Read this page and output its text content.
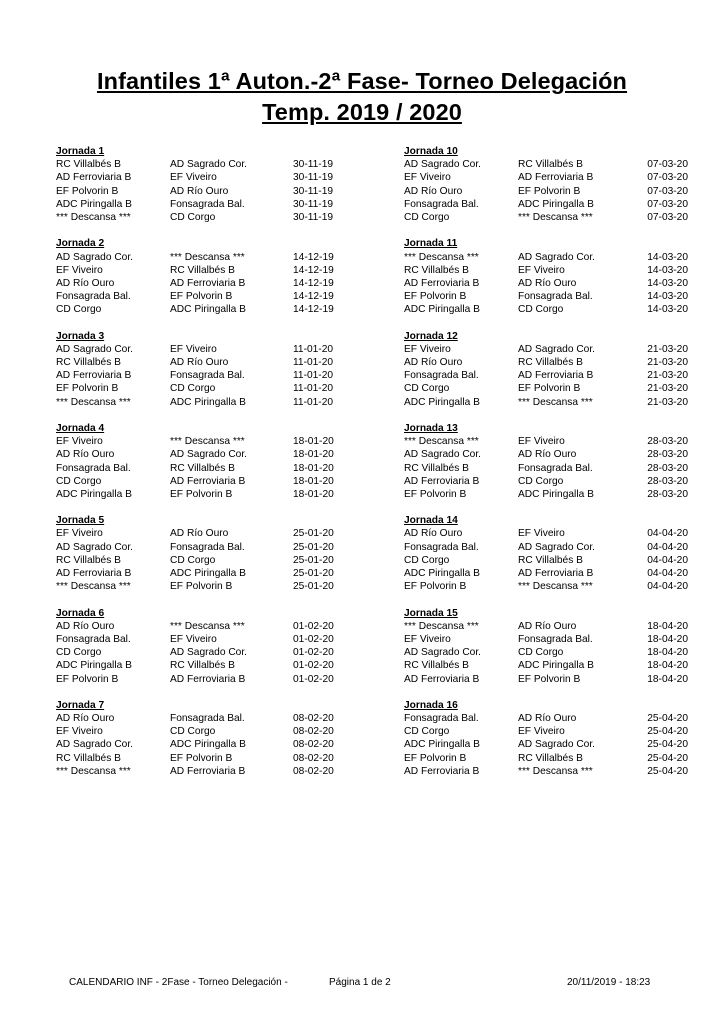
Infantiles 1ª Auton.-2ª Fase- Torneo Delegación
Temp. 2019 / 2020
Jornada 1
RC Villalbés B	AD Sagrado Cor.	30-11-19
AD Ferroviaria B	EF Viveiro	30-11-19
EF Polvorin B	AD Río Ouro	30-11-19
ADC Piringalla B	Fonsagrada Bal.	30-11-19
*** Descansa ***	CD Corgo	30-11-19
Jornada 2
AD Sagrado Cor.	*** Descansa ***	14-12-19
EF Viveiro	RC Villalbés B	14-12-19
AD Río Ouro	AD Ferroviaria B	14-12-19
Fonsagrada Bal.	EF Polvorin B	14-12-19
CD Corgo	ADC Piringalla B	14-12-19
Jornada 3
AD Sagrado Cor.	EF Viveiro	11-01-20
RC Villalbés B	AD Río Ouro	11-01-20
AD Ferroviaria B	Fonsagrada Bal.	11-01-20
EF Polvorin B	CD Corgo	11-01-20
*** Descansa ***	ADC Piringalla B	11-01-20
Jornada 4
EF Viveiro	*** Descansa ***	18-01-20
AD Río Ouro	AD Sagrado Cor.	18-01-20
Fonsagrada Bal.	RC Villalbés B	18-01-20
CD Corgo	AD Ferroviaria B	18-01-20
ADC Piringalla B	EF Polvorin B	18-01-20
Jornada 5
EF Viveiro	AD Río Ouro	25-01-20
AD Sagrado Cor.	Fonsagrada Bal.	25-01-20
RC Villalbés B	CD Corgo	25-01-20
AD Ferroviaria B	ADC Piringalla B	25-01-20
*** Descansa ***	EF Polvorin B	25-01-20
Jornada 6
AD Río Ouro	*** Descansa ***	01-02-20
Fonsagrada Bal.	EF Viveiro	01-02-20
CD Corgo	AD Sagrado Cor.	01-02-20
ADC Piringalla B	RC Villalbés B	01-02-20
EF Polvorin B	AD Ferroviaria B	01-02-20
Jornada 7
AD Río Ouro	Fonsagrada Bal.	08-02-20
EF Viveiro	CD Corgo	08-02-20
AD Sagrado Cor.	ADC Piringalla B	08-02-20
RC Villalbés B	EF Polvorin B	08-02-20
*** Descansa ***	AD Ferroviaria B	08-02-20
Jornada 10
AD Sagrado Cor.	RC Villalbés B	07-03-20
EF Viveiro	AD Ferroviaria B	07-03-20
AD Río Ouro	EF Polvorin B	07-03-20
Fonsagrada Bal.	ADC Piringalla B	07-03-20
CD Corgo	*** Descansa ***	07-03-20
Jornada 11
*** Descansa ***	AD Sagrado Cor.	14-03-20
RC Villalbés B	EF Viveiro	14-03-20
AD Ferroviaria B	AD Río Ouro	14-03-20
EF Polvorin B	Fonsagrada Bal.	14-03-20
ADC Piringalla B	CD Corgo	14-03-20
Jornada 12
EF Viveiro	AD Sagrado Cor.	21-03-20
AD Río Ouro	RC Villalbés B	21-03-20
Fonsagrada Bal.	AD Ferroviaria B	21-03-20
CD Corgo	EF Polvorin B	21-03-20
ADC Piringalla B	*** Descansa ***	21-03-20
Jornada 13
*** Descansa ***	EF Viveiro	28-03-20
AD Sagrado Cor.	AD Río Ouro	28-03-20
RC Villalbés B	Fonsagrada Bal.	28-03-20
AD Ferroviaria B	CD Corgo	28-03-20
EF Polvorin B	ADC Piringalla B	28-03-20
Jornada 14
AD Río Ouro	EF Viveiro	04-04-20
Fonsagrada Bal.	AD Sagrado Cor.	04-04-20
CD Corgo	RC Villalbés B	04-04-20
ADC Piringalla B	AD Ferroviaria B	04-04-20
EF Polvorin B	*** Descansa ***	04-04-20
Jornada 15
*** Descansa ***	AD Río Ouro	18-04-20
EF Viveiro	Fonsagrada Bal.	18-04-20
AD Sagrado Cor.	CD Corgo	18-04-20
RC Villalbés B	ADC Piringalla B	18-04-20
AD Ferroviaria B	EF Polvorin B	18-04-20
Jornada 16
Fonsagrada Bal.	AD Río Ouro	25-04-20
CD Corgo	EF Viveiro	25-04-20
ADC Piringalla B	AD Sagrado Cor.	25-04-20
EF Polvorin B	RC Villalbés B	25-04-20
AD Ferroviaria B	*** Descansa ***	25-04-20
CALENDARIO INF - 2Fase - Torneo Delegación -	Página 1 de 2	20/11/2019 - 18:23
